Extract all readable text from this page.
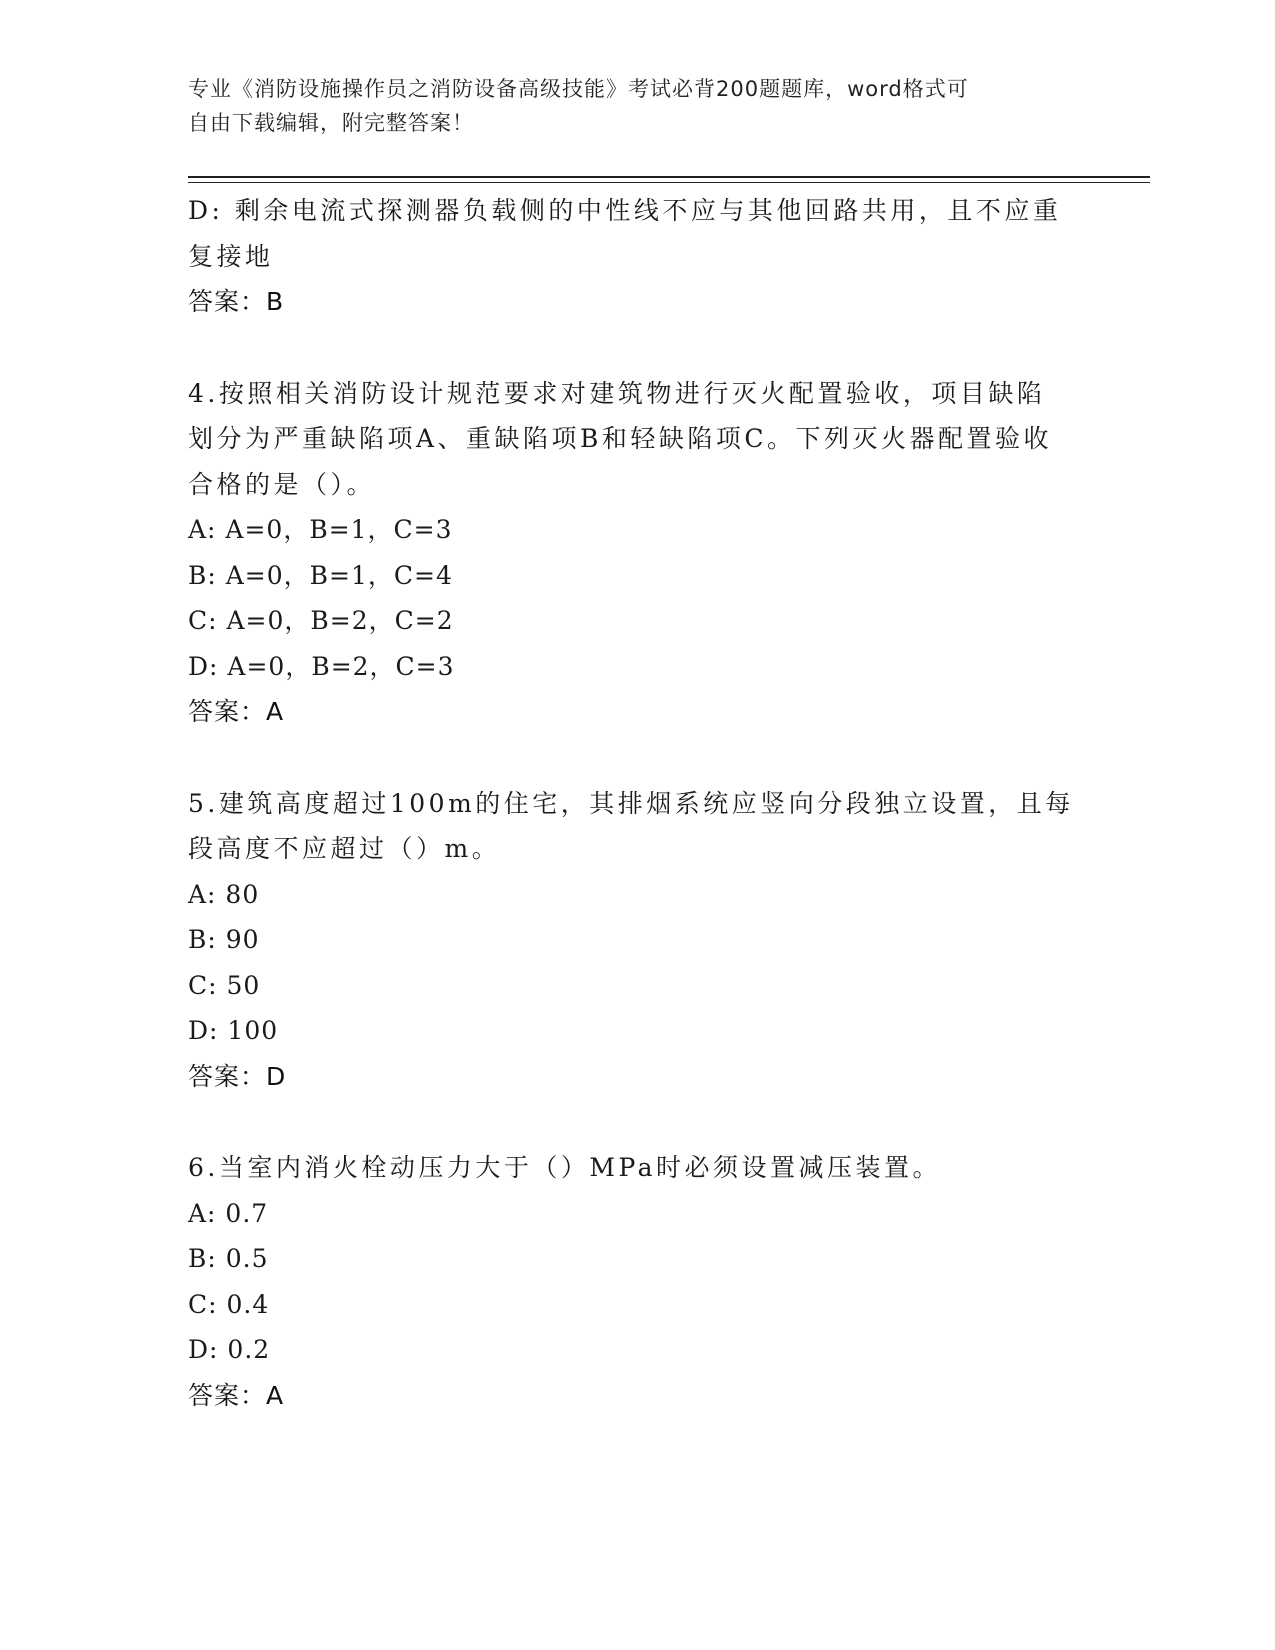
专业《消防设施操作员之消防设备高级技能》考试必背200题题库，word格式可
自由下载编辑，附完整答案！
D: 剩余电流式探测器负载侧的中性线不应与其他回路共用，且不应重
复接地
答案：B
4.按照相关消防设计规范要求对建筑物进行灭火配置验收，项目缺陷
划分为严重缺陷项A、重缺陷项B和轻缺陷项C。下列灭火器配置验收
合格的是（）。
A: A=0，B=1，C=3
B: A=0，B=1，C=4
C: A=0，B=2，C=2
D: A=0，B=2，C=3
答案：A
5.建筑高度超过100m的住宅，其排烟系统应竖向分段独立设置，且每
段高度不应超过（）m。
A: 80
B: 90
C: 50
D: 100
答案：D
6.当室内消火栓动压力大于（）MPa时必须设置减压装置。
A: 0.7
B: 0.5
C: 0.4
D: 0.2
答案：A
